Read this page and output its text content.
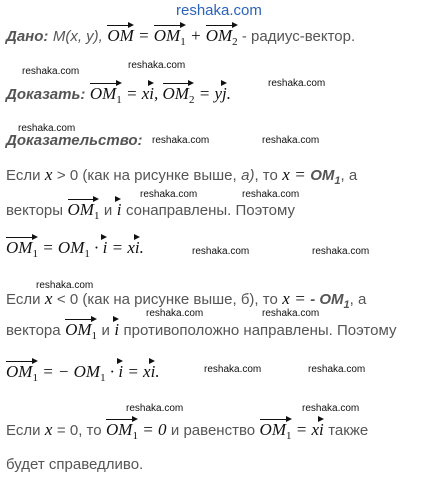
reshaka.com
Дано: M(x, y), OM = $OM_1 + OM_2$ - радиус-вектор.
reshaka.com
reshaka.com
reshaka.com
Доказать: $OM_1$ = xi, $OM_2$ = yj.
reshaka.com
Доказательство: reshaka.com	reshaka.com
Если x > 0 (как на рисунке выше, а), то $x = OM_1$, а
reshaka.com	reshaka.com
векторы $OM_1$ и i сонаправлены. Поэтому
$OM_1 = OM_1 \cdot i$ = xi.	reshaka.com	reshaka.com
reshaka.com
Если x < 0 (как на рисунке выше, б), то x = - $OM_1$, а
reshaka.com	reshaka.com
вектора $OM_1$ и i противоположно направлены. Поэтому
$OM_1$ = − $OM_1 \cdot i$ = xi.	reshaka.com	reshaka.com
reshaka.com	reshaka.com
Если x = 0, то $OM_1 = 0$ и равенство $OM_1$ = xi также
будет справедливо.
